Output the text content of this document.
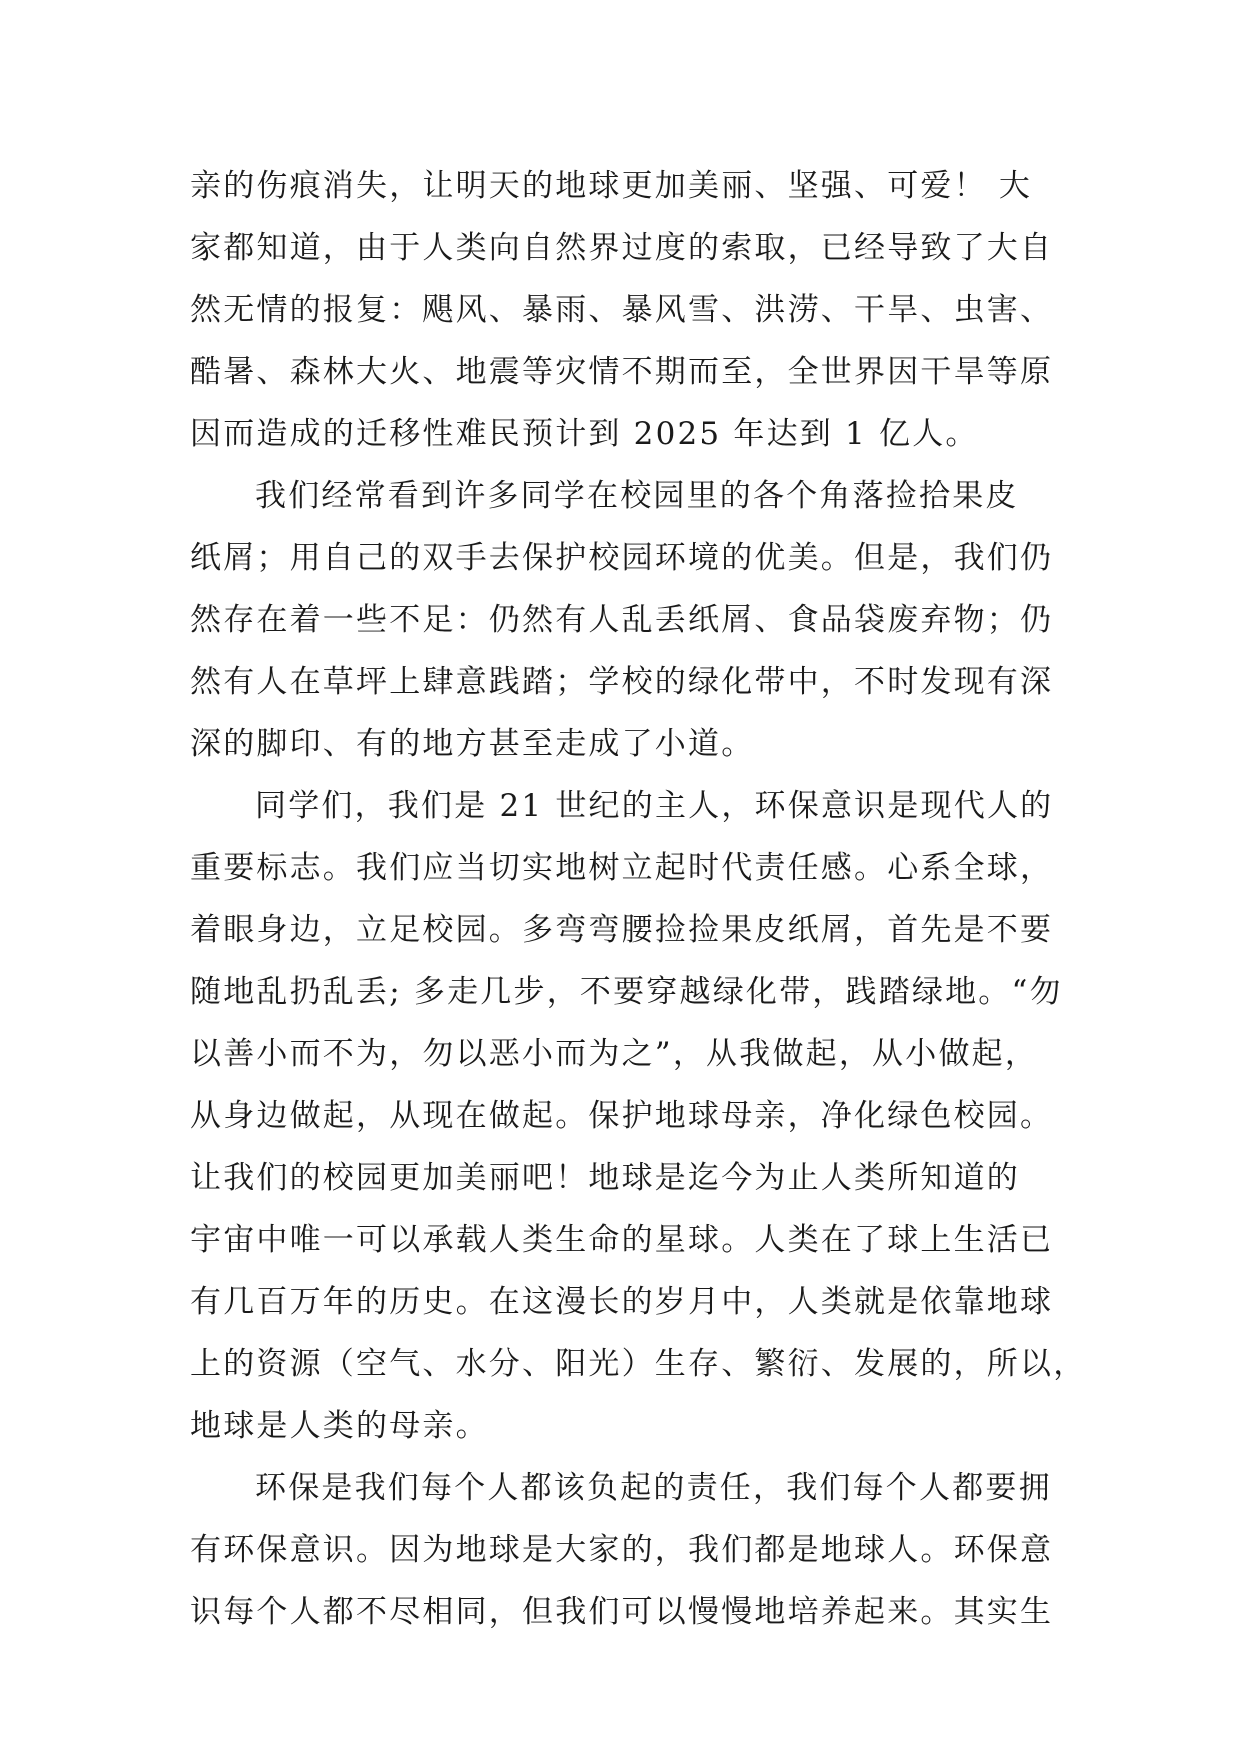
亲的伤痕消失，让明天的地球更加美丽、坚强、可爱！ 大
家都知道，由于人类向自然界过度的索取，已经导致了大自
然无情的报复：飓风、暴雨、暴风雪、洪涝、干旱、虫害、
酷暑、森林大火、地震等灾情不期而至，全世界因干旱等原
因而造成的迁移性难民预计到 2025 年达到 1 亿人。
我们经常看到许多同学在校园里的各个角落捡拾果皮
纸屑；用自己的双手去保护校园环境的优美。但是，我们仍
然存在着一些不足：仍然有人乱丢纸屑、食品袋废弃物；仍
然有人在草坪上肆意践踏；学校的绿化带中，不时发现有深
深的脚印、有的地方甚至走成了小道。
同学们，我们是 21 世纪的主人，环保意识是现代人的
重要标志。我们应当切实地树立起时代责任感。心系全球，
着眼身边，立足校园。多弯弯腰捡捡果皮纸屑，首先是不要
随地乱扔乱丢; 多走几步，不要穿越绿化带，践踏绿地。“勿
以善小而不为，勿以恶小而为之”，从我做起，从小做起，
从身边做起，从现在做起。保护地球母亲，净化绿色校园。
让我们的校园更加美丽吧！地球是迄今为止人类所知道的
宇宙中唯一可以承载人类生命的星球。人类在了球上生活已
有几百万年的历史。在这漫长的岁月中，人类就是依靠地球
上的资源（空气、水分、阳光）生存、繁衍、发展的，所以，
地球是人类的母亲。
环保是我们每个人都该负起的责任，我们每个人都要拥
有环保意识。因为地球是大家的，我们都是地球人。环保意
识每个人都不尽相同，但我们可以慢慢地培养起来。其实生
